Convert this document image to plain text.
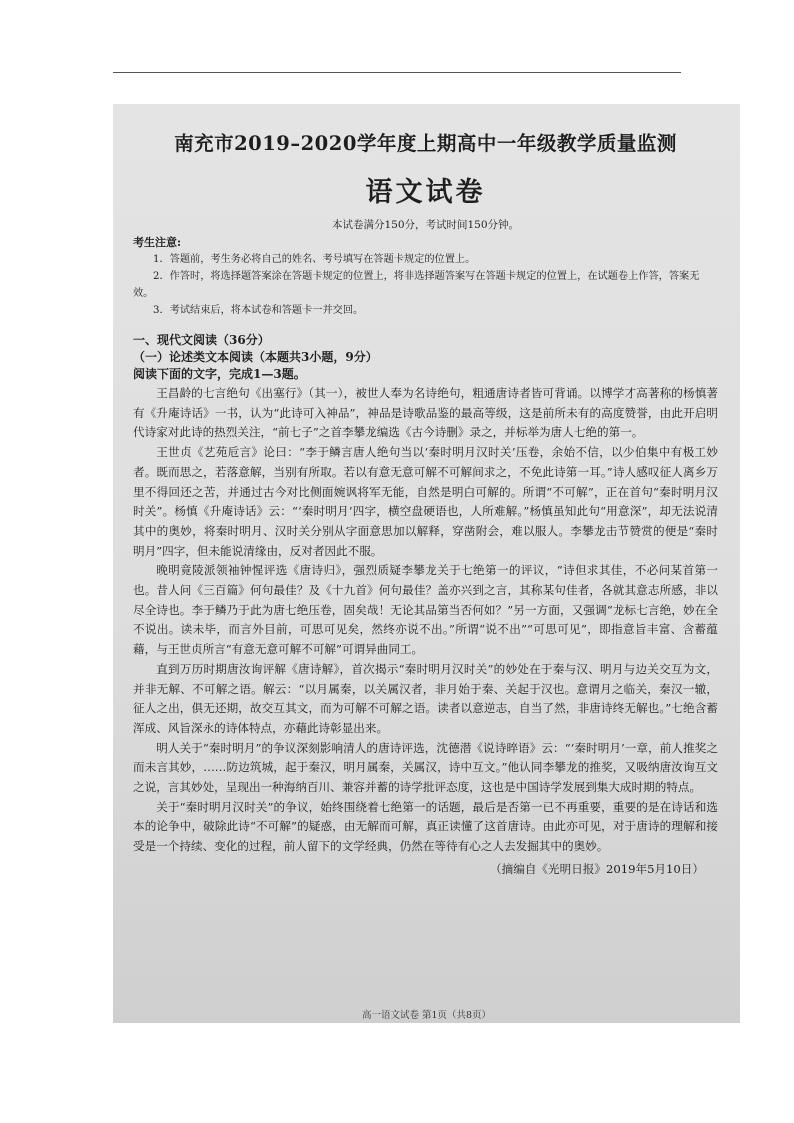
南充市2019–2020学年度上期高中一年级教学质量监测

语文试卷

本试卷满分150分，考试时间150分钟。

考生注意:

1．答题前，考生务必将自己的姓名、考号填写在答题卡规定的位置上。

2．作答时，将选择题答案涂在答题卡规定的位置上，将非选择题答案写在答题卡规定的位置上，在试题卷上作答，答案无效。

3．考试结束后，将本试卷和答题卡一并交回。

一、现代文阅读（36分）

（一）论述类文本阅读（本题共3小题，9分）

阅读下面的文字，完成1—3题。

王昌龄的七言绝句《出塞行》（其一），被世人奉为名诗绝句，粗通唐诗者皆可背诵。以博学才高著称的杨慎著有《升庵诗话》一书，认为“此诗可入神品”，神品是诗歌品鉴的最高等级，这是前所未有的高度赞誉，由此开启明代诗家对此诗的热烈关注，“前七子”之首李攀龙编选《古今诗删》录之，并标举为唐人七绝的第一。

王世贞《艺苑卮言》论曰：“李于鳞言唐人绝句当以‘秦时明月汉时关’压卷，余始不信，以少伯集中有极工妙者。既而思之，若落意解，当别有所取。若以有意无意可解不可解间求之，不免此诗第一耳。”诗人感叹征人离乡万里不得回还之苦，并通过古今对比侧面婉讽将军无能，自然是明白可解的。所谓“不可解”，正在首句“秦时明月汉时关”。杨慎《升庵诗话》云：“‘秦时明月’四字，横空盘硬语也，人所难解。”杨慎虽知此句“用意深”，却无法说清其中的奥妙，将秦时明月、汉时关分别从字面意思加以解释，穿凿附会，难以服人。李攀龙击节赞赏的便是“秦时明月”四字，但未能说清缘由，反对者因此不服。

晚明竟陵派领袖钟惺评选《唐诗归》，强烈质疑李攀龙关于七绝第一的评议，“诗但求其佳，不必问某首第一也。昔人问《三百篇》何句最佳？及《十九首》何句最佳？盖亦兴到之言，其称某句佳者，各就其意志所感，非以尽全诗也。李于鳞乃于此为唐七绝压卷，固矣哉！无论其品第当否何如？”另一方面，又强调“龙标七言绝，妙在全不说出。读未毕，而言外目前，可思可见矣，然终亦说不出。”所谓“说不出”“可思可见”，即指意旨丰富、含蓄蕴藉，与王世贞所言“有意无意可解不可解”可谓异曲同工。

直到万历时期唐汝询评解《唐诗解》，首次揭示“秦时明月汉时关”的妙处在于秦与汉、明月与边关交互为文，并非无解、不可解之语。解云：“以月属秦，以关属汉者，非月始于秦、关起于汉也。意谓月之临关，秦汉一辙，征人之出，俱无还期，故交互其文，而为可解不可解之语。读者以意逆志，自当了然，非唐诗终无解也。”七绝含蓄浑成、风旨深永的诗体特点，亦藉此诗彰显出来。

明人关于“秦时明月”的争议深刻影响清人的唐诗评选，沈德潜《说诗晬语》云：“‘秦时明月’一章，前人推奖之而未言其妙，……防边筑城，起于秦汉，明月属秦，关属汉，诗中互文。”他认同李攀龙的推奖，又吸纳唐汝询互文之说，言其妙处，呈现出一种海纳百川、兼容并蓄的诗学批评态度，这也是中国诗学发展到集大成时期的特点。

关于“秦时明月汉时关”的争议，始终围绕着七绝第一的话题，最后是否第一已不再重要，重要的是在诗话和选本的论争中，破除此诗“不可解”的疑惑，由无解而可解，真正读懂了这首唐诗。由此亦可见，对于唐诗的理解和接受是一个持续、变化的过程，前人留下的文学经典，仍然在等待有心之人去发掘其中的奥妙。

（摘编自《光明日报》2019年5月10日）

高一语文试卷 第1页（共8页）
